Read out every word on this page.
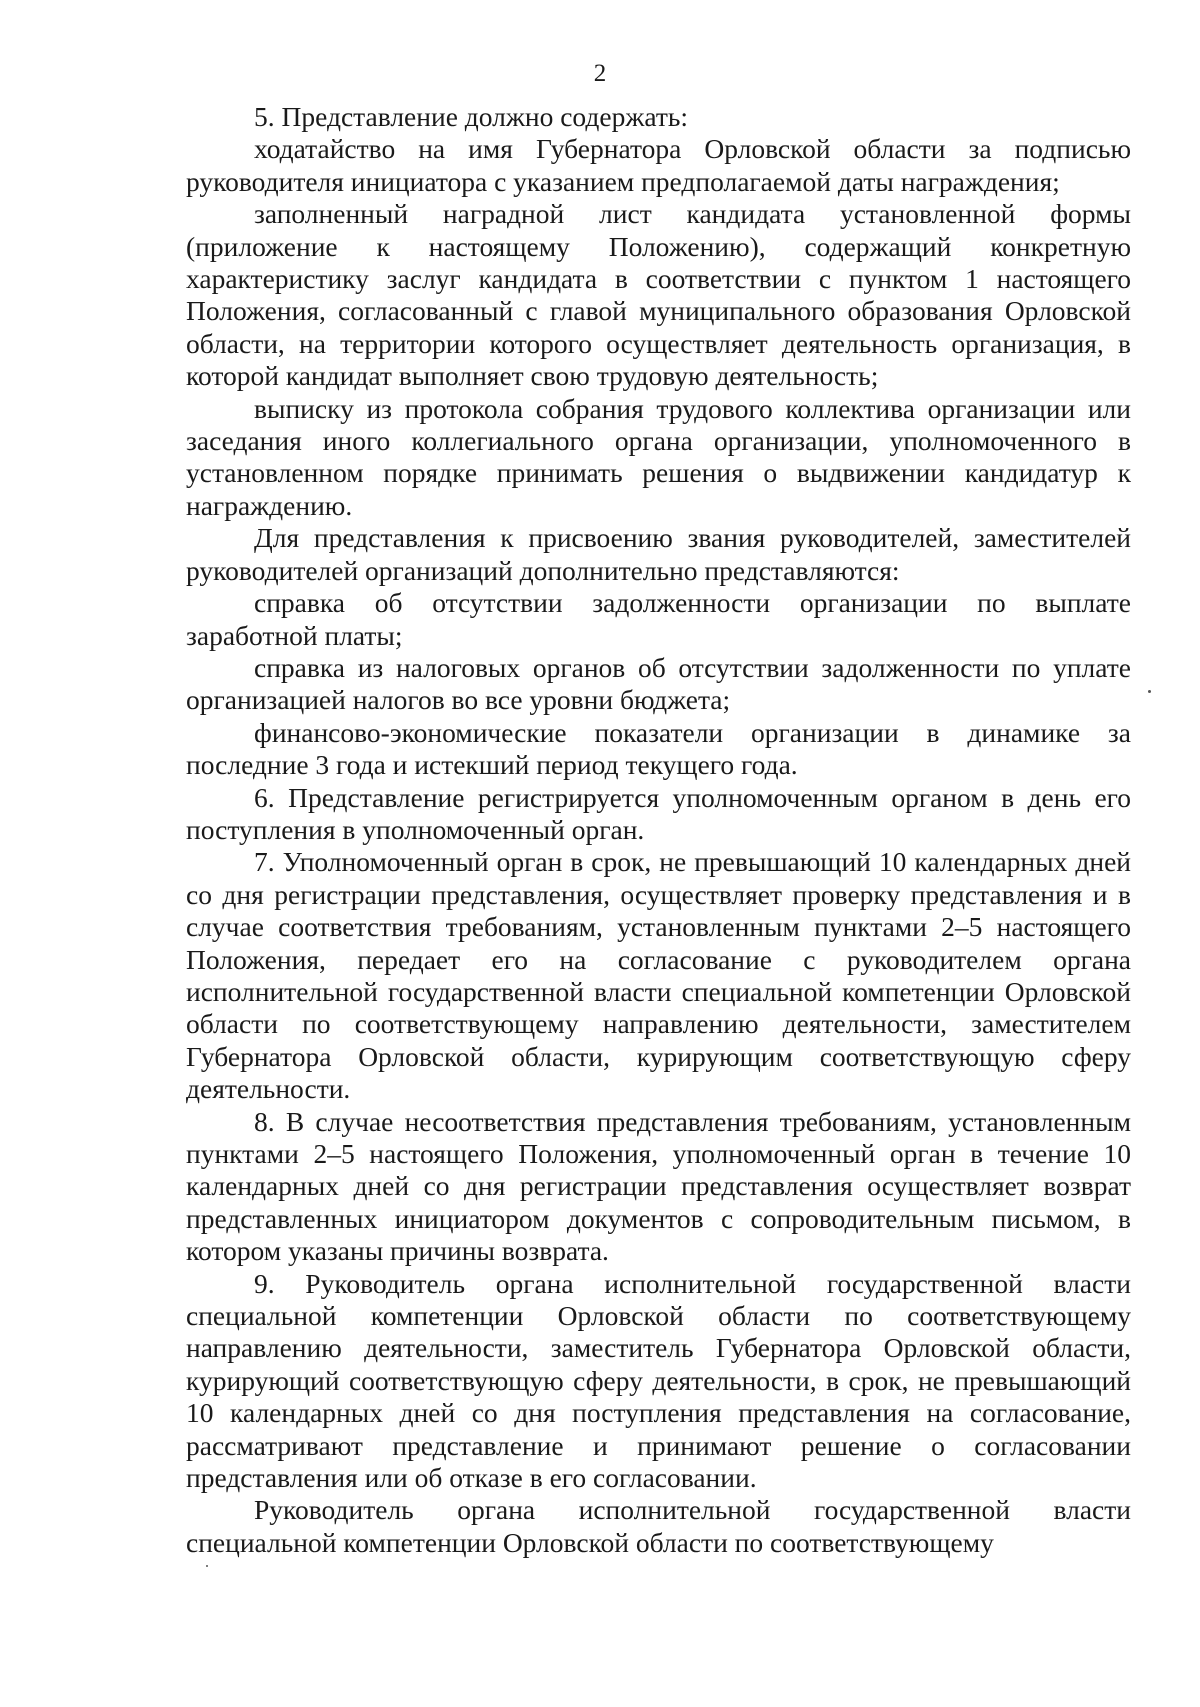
2

5. Представление должно содержать:

ходатайство на имя Губернатора Орловской области за подписью руководителя инициатора с указанием предполагаемой даты награждения;

заполненный наградной лист кандидата установленной формы (приложение к настоящему Положению), содержащий конкретную характеристику заслуг кандидата в соответствии с пунктом 1 настоящего Положения, согласованный с главой муниципального образования Орловской области, на территории которого осуществляет деятельность организация, в которой кандидат выполняет свою трудовую деятельность;

выписку из протокола собрания трудового коллектива организации или заседания иного коллегиального органа организации, уполномоченного в установленном порядке принимать решения о выдвижении кандидатур к награждению.

Для представления к присвоению звания руководителей, заместителей руководителей организаций дополнительно представляются:

справка об отсутствии задолженности организации по выплате заработной платы;

справка из налоговых органов об отсутствии задолженности по уплате организацией налогов во все уровни бюджета;

финансово-экономические показатели организации в динамике за последние 3 года и истекший период текущего года.

6. Представление регистрируется уполномоченным органом в день его поступления в уполномоченный орган.

7. Уполномоченный орган в срок, не превышающий 10 календарных дней со дня регистрации представления, осуществляет проверку представления и в случае соответствия требованиям, установленным пунктами 2–5 настоящего Положения, передает его на согласование с руководителем органа исполнительной государственной власти специальной компетенции Орловской области по соответствующему направлению деятельности, заместителем Губернатора Орловской области, курирующим соответствующую сферу деятельности.

8. В случае несоответствия представления требованиям, установленным пунктами 2–5 настоящего Положения, уполномоченный орган в течение 10 календарных дней со дня регистрации представления осуществляет возврат представленных инициатором документов с сопроводительным письмом, в котором указаны причины возврата.

9. Руководитель органа исполнительной государственной власти специальной компетенции Орловской области по соответствующему направлению деятельности, заместитель Губернатора Орловской области, курирующий соответствующую сферу деятельности, в срок, не превышающий 10 календарных дней со дня поступления представления на согласование, рассматривают представление и принимают решение о согласовании представления или об отказе в его согласовании.

Руководитель органа исполнительной государственной власти специальной компетенции Орловской области по соответствующему
